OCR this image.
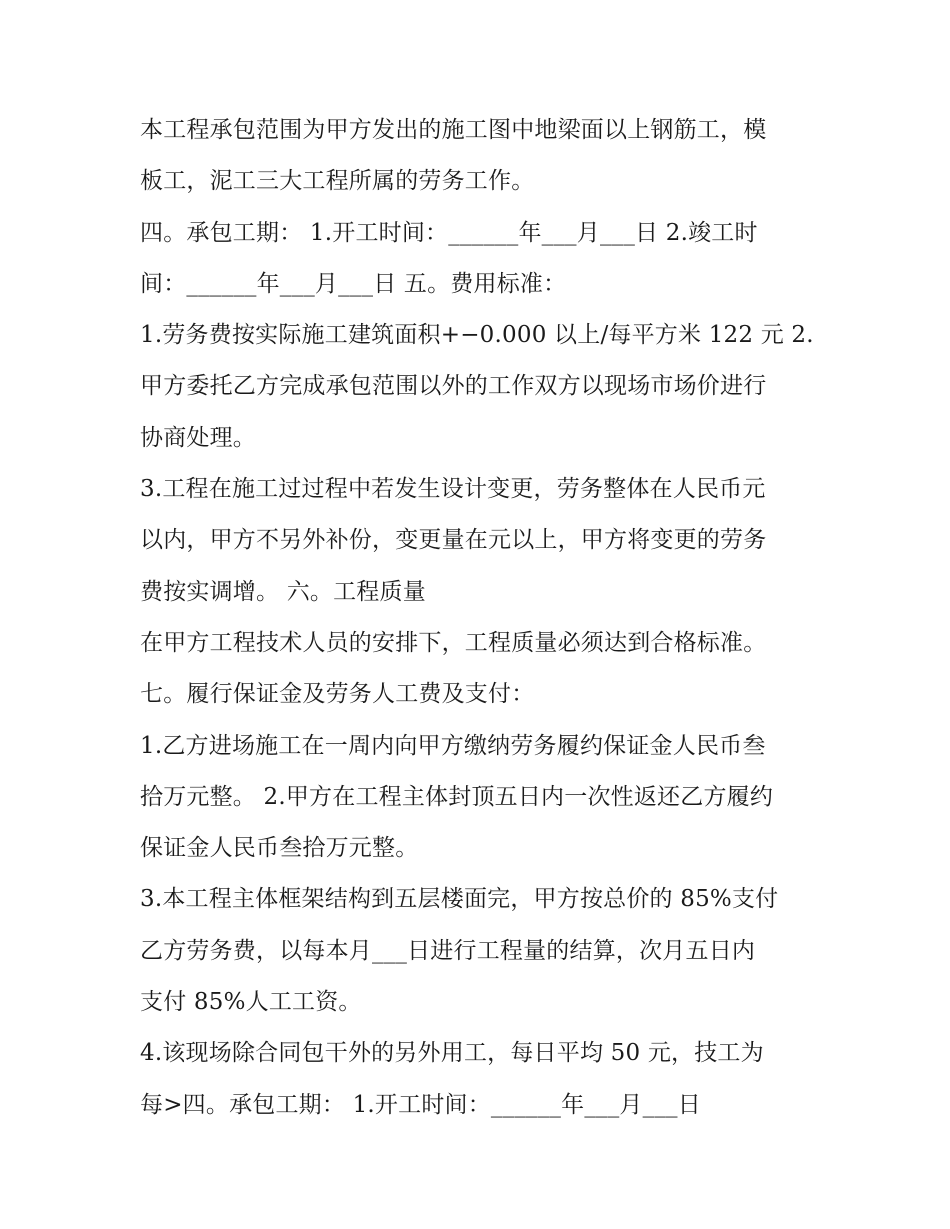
本工程承包范围为甲方发出的施工图中地梁面以上钢筋工，模
板工，泥工三大工程所属的劳务工作。
四。承包工期： 1.开工时间：______年___月___日 2.竣工时
间：______年___月___日 五。费用标准：
1.劳务费按实际施工建筑面积+−0.000 以上/每平方米 122 元 2.
甲方委托乙方完成承包范围以外的工作双方以现场市场价进行
协商处理。
3.工程在施工过过程中若发生设计变更，劳务整体在人民币元
以内，甲方不另外补份，变更量在元以上，甲方将变更的劳务
费按实调增。 六。工程质量
在甲方工程技术人员的安排下，工程质量必须达到合格标准。
七。履行保证金及劳务人工费及支付：
1.乙方进场施工在一周内向甲方缴纳劳务履约保证金人民币叁
拾万元整。 2.甲方在工程主体封顶五日内一次性返还乙方履约
保证金人民币叁拾万元整。
3.本工程主体框架结构到五层楼面完，甲方按总价的 85%支付
乙方劳务费，以每本月___日进行工程量的结算，次月五日内
支付 85%人工工资。
4.该现场除合同包干外的另外用工，每日平均 50 元，技工为
每>四。承包工期： 1.开工时间：______年___月___日
